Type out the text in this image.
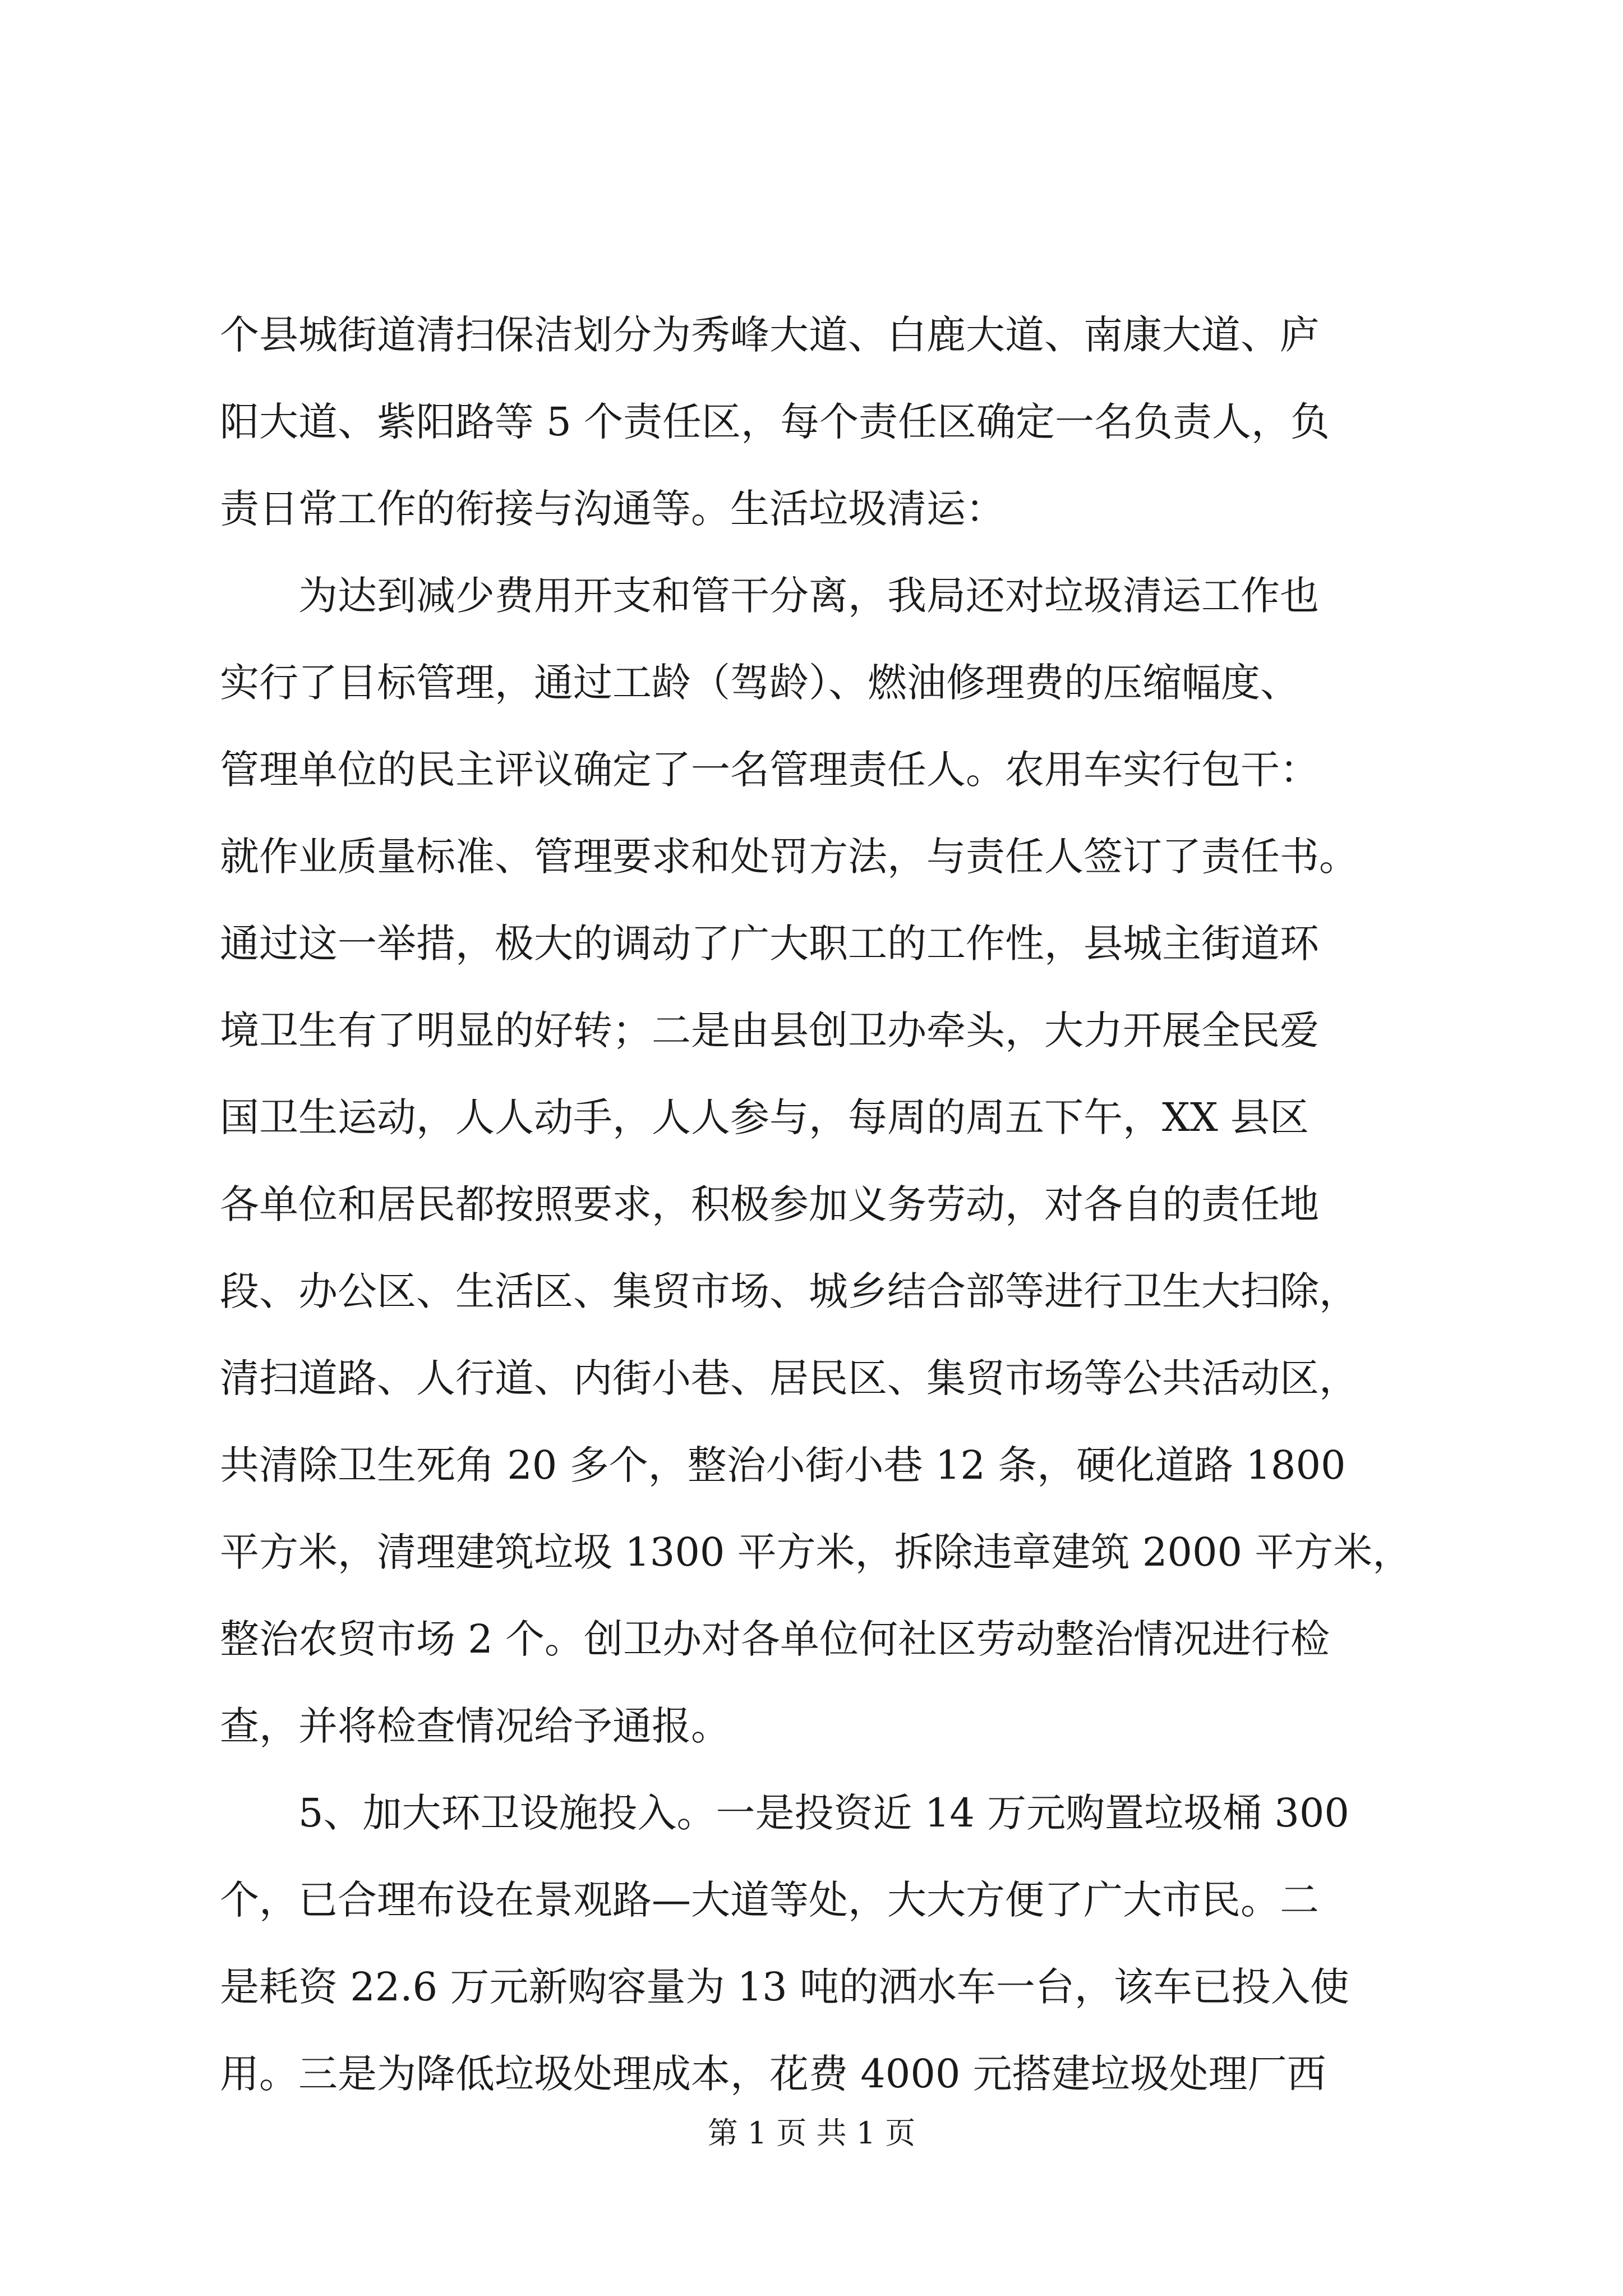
个县城街道清扫保洁划分为秀峰大道、白鹿大道、南康大道、庐
阳大道、紫阳路等 5 个责任区，每个责任区确定一名负责人，负
责日常工作的衔接与沟通等。生活垃圾清运：
　　为达到减少费用开支和管干分离，我局还对垃圾清运工作也
实行了目标管理，通过工龄（驾龄）、燃油修理费的压缩幅度、
管理单位的民主评议确定了一名管理责任人。农用车实行包干：
就作业质量标准、管理要求和处罚方法，与责任人签订了责任书。
通过这一举措，极大的调动了广大职工的工作性，县城主街道环
境卫生有了明显的好转；二是由县创卫办牵头，大力开展全民爱
国卫生运动，人人动手，人人参与，每周的周五下午，XX 县区
各单位和居民都按照要求，积极参加义务劳动，对各自的责任地
段、办公区、生活区、集贸市场、城乡结合部等进行卫生大扫除，
清扫道路、人行道、内街小巷、居民区、集贸市场等公共活动区，
共清除卫生死角 20 多个，整治小街小巷 12 条，硬化道路 1800
平方米，清理建筑垃圾 1300 平方米，拆除违章建筑 2000 平方米，
整治农贸市场 2 个。创卫办对各单位何社区劳动整治情况进行检
查，并将检查情况给予通报。
　　5、加大环卫设施投入。一是投资近 14 万元购置垃圾桶 300
个，已合理布设在景观路—大道等处，大大方便了广大市民。二
是耗资 22.6 万元新购容量为 13 吨的洒水车一台，该车已投入使
用。三是为降低垃圾处理成本，花费 4000 元搭建垃圾处理厂西
第 1 页 共 1 页
